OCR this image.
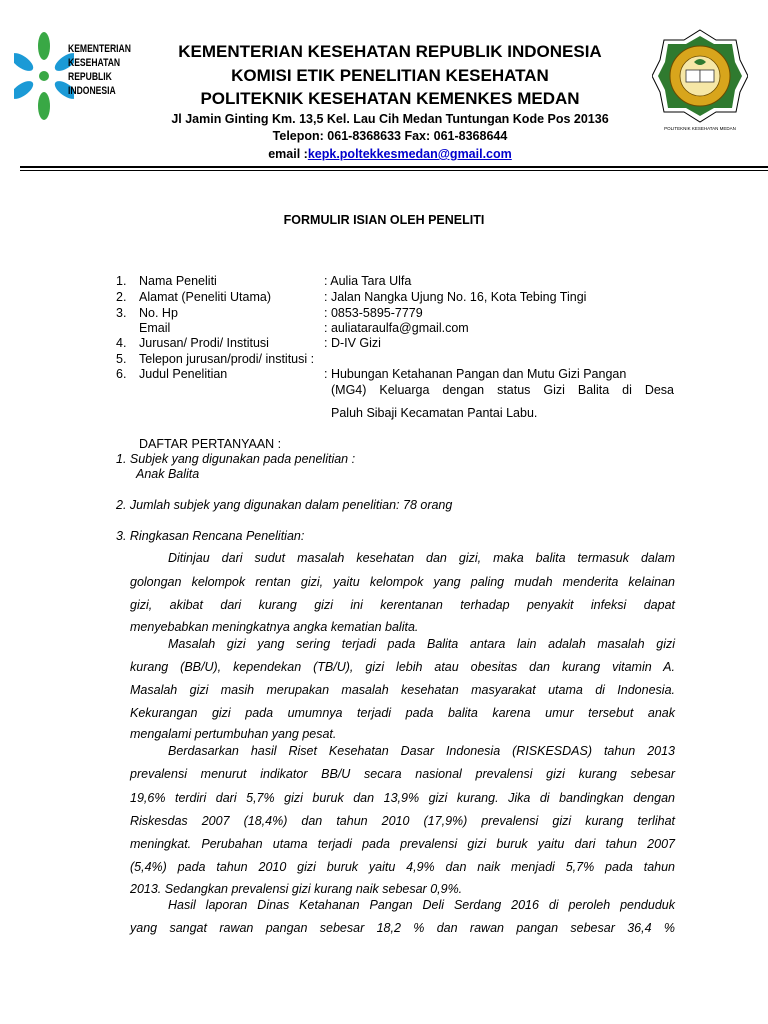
KEMENTERIAN
KESEHATAN
REPUBLIK
INDONESIA
KEMENTERIAN KESEHATAN REPUBLIK INDONESIA
KOMISI ETIK PENELITIAN KESEHATAN
POLITEKNIK KESEHATAN KEMENKES MEDAN
Jl Jamin Ginting Km. 13,5 Kel. Lau Cih Medan Tuntungan Kode Pos 20136
Telepon: 061-8368633 Fax: 061-8368644
email :kepk.poltekkesmedan@gmail.com
POLITEKNIK KESEHATAN MEDAN
FORMULIR ISIAN OLEH PENELITI
1. Nama Peneliti	: Aulia Tara Ulfa
2. Alamat (Peneliti Utama)	: Jalan Nangka Ujung No. 16, Kota Tebing Tingi
3. No. Hp	: 0853-5895-7779
Email	: auliataraulfa@gmail.com
4. Jurusan/ Prodi/ Institusi	: D-IV Gizi
5. Telepon jurusan/prodi/ institusi :
6. Judul Penelitian	: Hubungan Ketahanan Pangan dan Mutu Gizi Pangan
(MG4) Keluarga dengan status Gizi Balita di Desa
Paluh Sibaji Kecamatan Pantai Labu.
DAFTAR PERTANYAAN :
1. Subjek yang digunakan pada penelitian :
Anak Balita
2. Jumlah subjek yang digunakan dalam penelitian: 78 orang
3. Ringkasan Rencana Penelitian:
Ditinjau dari sudut masalah kesehatan dan gizi, maka balita termasuk dalam
golongan kelompok rentan gizi, yaitu kelompok yang paling mudah menderita kelainan
gizi, akibat dari kurang gizi ini kerentanan terhadap penyakit infeksi dapat
menyebabkan meningkatnya angka kematian balita.
Masalah gizi yang sering terjadi pada Balita antara lain adalah masalah gizi
kurang (BB/U), kependekan (TB/U), gizi lebih atau obesitas dan kurang vitamin A.
Masalah gizi masih merupakan masalah kesehatan masyarakat utama di Indonesia.
Kekurangan gizi pada umumnya terjadi pada balita karena umur tersebut anak
mengalami pertumbuhan yang pesat.
Berdasarkan hasil Riset Kesehatan Dasar Indonesia (RISKESDAS) tahun 2013
prevalensi menurut indikator BB/U secara nasional prevalensi gizi kurang sebesar
19,6% terdiri dari 5,7% gizi buruk dan 13,9% gizi kurang. Jika di bandingkan dengan
Riskesdas 2007 (18,4%) dan tahun 2010 (17,9%) prevalensi gizi kurang terlihat
meningkat. Perubahan utama terjadi pada prevalensi gizi buruk yaitu dari tahun 2007
(5,4%) pada tahun 2010 gizi buruk yaitu 4,9% dan naik menjadi 5,7% pada tahun
2013. Sedangkan prevalensi gizi kurang naik sebesar 0,9%.
Hasil laporan Dinas Ketahanan Pangan Deli Serdang 2016 di peroleh penduduk
yang sangat rawan pangan sebesar 18,2 % dan rawan pangan sebesar 36,4 %
